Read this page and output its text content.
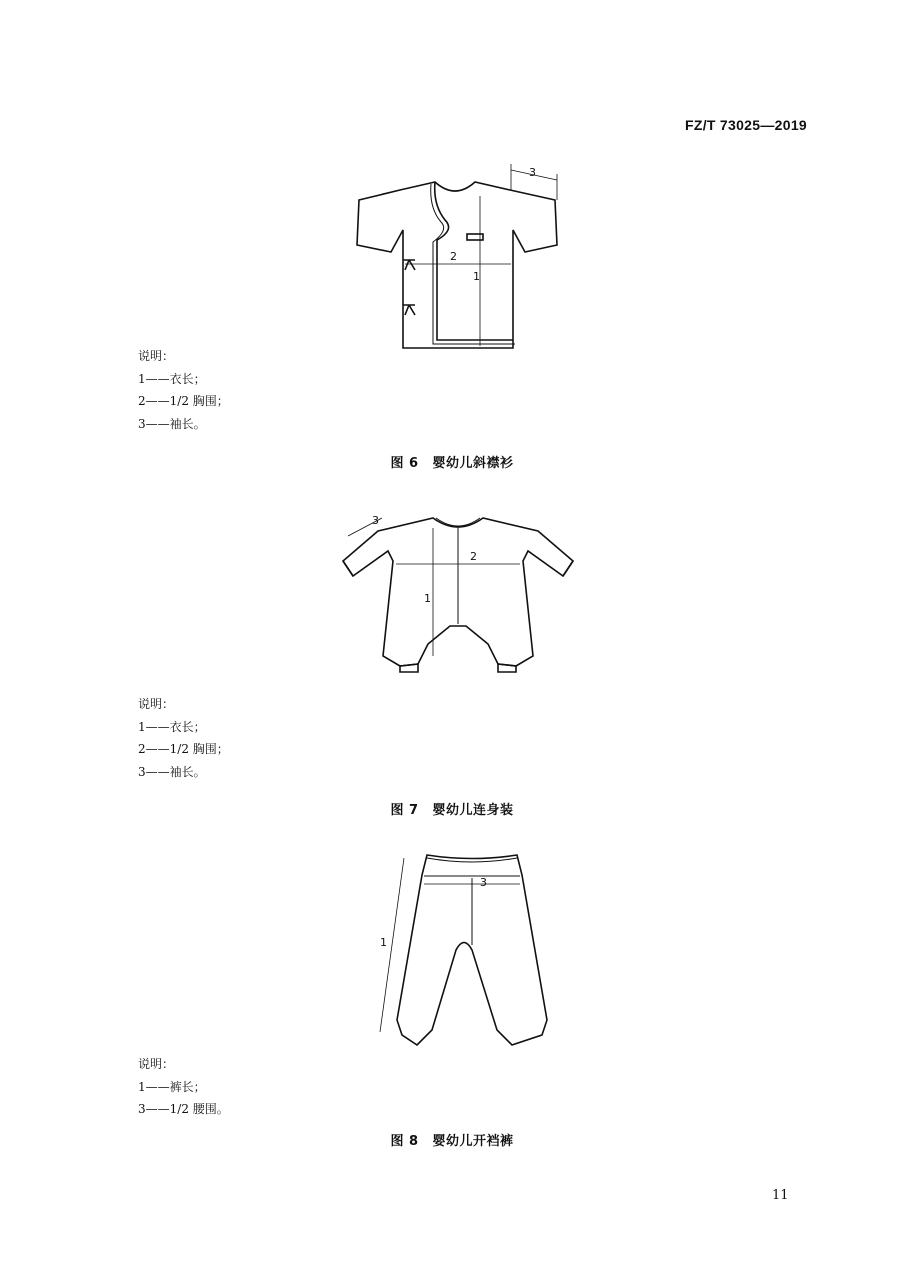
FZ/T 73025—2019
1
2
3
说明：
1——衣长；
2——1/2 胸围；
3——袖长。
图 6 婴幼儿斜襟衫
1
2
3
说明：
1——衣长；
2——1/2 胸围；
3——袖长。
图 7 婴幼儿连身装
1
3
说明：
1——裤长；
3——1/2 腰围。
图 8 婴幼儿开裆裤
11
